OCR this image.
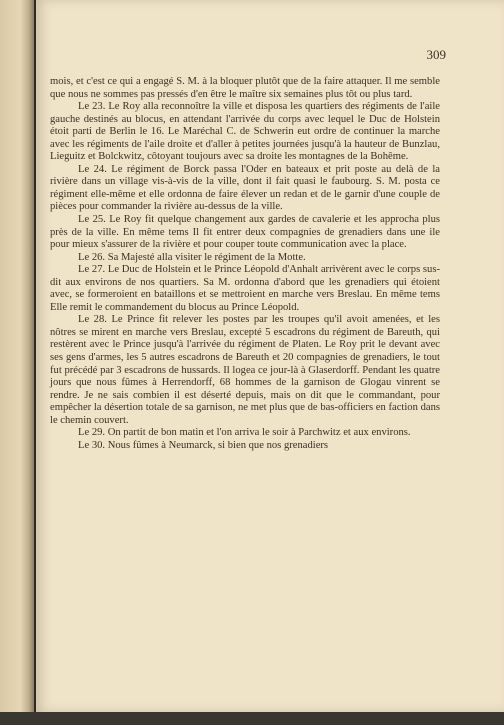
309

mois, et c'est ce qui a engagé S. M. à la bloquer plutôt que de la faire attaquer. Il me semble que nous ne sommes pas pressés d'en être le maître six semaines plus tôt ou plus tard.

Le 23. Le Roy alla reconnoître la ville et disposa les quartiers des régiments de l'aile gauche destinés au blocus, en attendant l'arrivée du corps avec lequel le Duc de Holstein étoit parti de Berlin le 16. Le Maréchal C. de Schwerin eut ordre de continuer la marche avec les régiments de l'aile droite et d'aller à petites journées jusqu'à la hauteur de Bunzlau, Lieguitz et Bolckwitz, côtoyant toujours avec sa droite les montagnes de la Bohême.

Le 24. Le régiment de Borck passa l'Oder en bateaux et prit poste au delà de la rivière dans un village vis-à-vis de la ville, dont il fait quasi le faubourg. S. M. posta ce régiment elle-même et elle ordonna de faire élever un redan et de le garnir d'une couple de pièces pour commander la rivière au-dessus de la ville.

Le 25. Le Roy fit quelque changement aux gardes de cavalerie et les approcha plus près de la ville. En même tems Il fit entrer deux compagnies de grenadiers dans une ile pour mieux s'assurer de la rivière et pour couper toute communication avec la place.

Le 26. Sa Majesté alla visiter le régiment de la Motte.

Le 27. Le Duc de Holstein et le Prince Léopold d'Anhalt arrivèrent avec le corps sus-dit aux environs de nos quartiers. Sa M. ordonna d'abord que les grenadiers qui étoient avec, se formeroient en bataillons et se mettroient en marche vers Breslau. En même tems Elle remit le commandement du blocus au Prince Léopold.

Le 28. Le Prince fit relever les postes par les troupes qu'il avoit amenées, et les nôtres se mirent en marche vers Breslau, excepté 5 escadrons du régiment de Bareuth, qui restèrent avec le Prince jusqu'à l'arrivée du régiment de Platen. Le Roy prit le devant avec ses gens d'armes, les 5 autres escadrons de Bareuth et 20 compagnies de grenadiers, le tout fut précédé par 3 escadrons de hussards. Il logea ce jour-là à Glaserdorff. Pendant les quatre jours que nous fûmes à Herrendorff, 68 hommes de la garnison de Glogau vinrent se rendre. Je ne sais combien il est déserté depuis, mais on dit que le commandant, pour empêcher la désertion totale de sa garnison, ne met plus que de bas-officiers en faction dans le chemin couvert.

Le 29. On partit de bon matin et l'on arriva le soir à Parchwitz et aux environs.

Le 30. Nous fûmes à Neumarck, si bien que nos grenadiers
